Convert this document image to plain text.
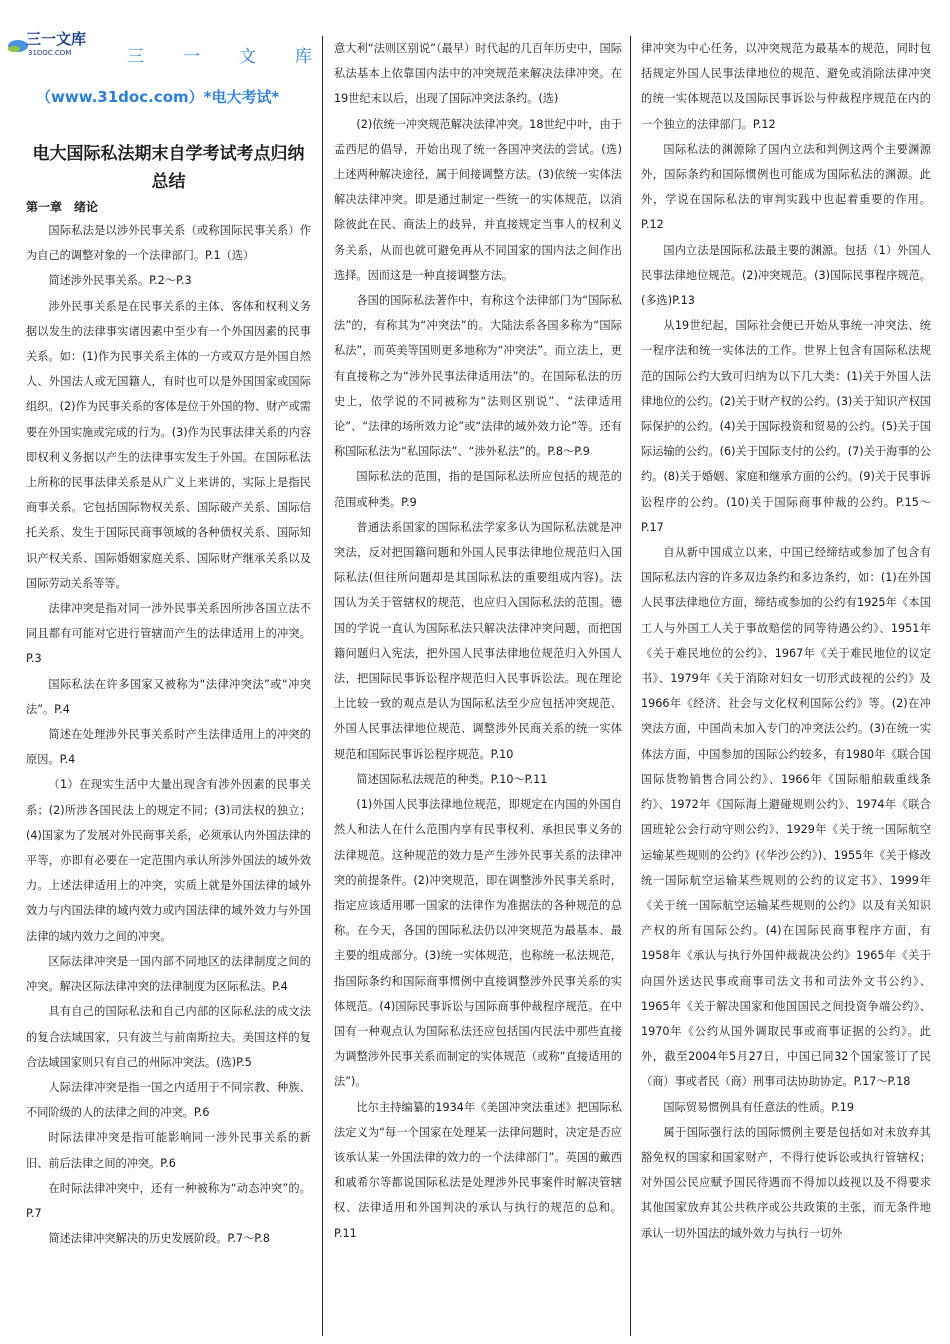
三一文库
31DOC.COM	三 一 文 库
（www.31doc.com）*电大考试*
电大国际私法期末自学考试考点归纳总结
第一章　绪论

国际私法是以涉外民事关系（或称国际民事关系）作为自己的调整对象的一个法律部门。P.1（选）

简述涉外民事关系。P.2～P.3

涉外民事关系是在民事关系的主体、客体和权利义务据以发生的法律事实诸因素中至少有一个外国因素的民事关系。如：(1)作为民事关系主体的一方或双方是外国自然人、外国法人或无国籍人，有时也可以是外国国家或国际组织。(2)作为民事关系的客体是位于外国的物、财产或需要在外国实施或完成的行为。(3)作为民事法律关系的内容即权利义务据以产生的法律事实发生于外国。在国际私法上所称的民事法律关系是从广义上来讲的，实际上是指民商事关系。它包括国际物权关系、国际破产关系、国际信托关系、发生于国际民商事领域的各种债权关系、国际知识产权关系、国际婚姻家庭关系、国际财产继承关系以及国际劳动关系等等。

法律冲突是指对同一涉外民事关系因所涉各国立法不同且都有可能对它进行管辖而产生的法律适用上的冲突。P.3

国际私法在许多国家又被称为“法律冲突法”或“冲突法”。P.4

简述在处理涉外民事关系时产生法律适用上的冲突的原因。P.4

（1）在现实生活中大量出现含有涉外因素的民事关系；(2)所涉各国民法上的规定不同；(3)司法权的独立；(4)国家为了发展对外民商事关系，必须承认内外国法律的平等，亦即有必要在一定范围内承认所涉外国法的域外效力。上述法律适用上的冲突，实质上就是外国法律的域外效力与内国法律的域内效力或内国法律的域外效力与外国法律的域内效力之间的冲突。

区际法律冲突是一国内部不同地区的法律制度之间的冲突。解决区际法律冲突的法律制度为区际私法。P.4

具有自己的国际私法和自己内部的区际私法的成文法的复合法域国家，只有波兰与前南斯拉夫。美国这样的复合法域国家则只有自己的州际冲突法。(选)P.5

人际法律冲突是指一国之内适用于不同宗教、种族、不同阶级的人的法律之间的冲突。P.6

时际法律冲突是指可能影响同一涉外民事关系的新旧、前后法律之间的冲突。P.6

在时际法律冲突中，还有一种被称为“动态冲突”的。P.7

简述法律冲突解决的历史发展阶段。P.7～P.8

意大利“法则区别说”（最早）时代起的几百年历史中，国际私法基本上依靠国内法中的冲突规范来解决法律冲突。在19世纪末以后，出现了国际冲突法条约。(选)

(2)依统一冲突规范解决法律冲突。18世纪中叶，由于孟西尼的倡导，开始出现了统一各国冲突法的尝试。(选)上述两种解决途径，属于间接调整方法。(3)依统一实体法解决法律冲突。即是通过制定一些统一的实体规范，以消除彼此在民、商法上的歧异，并直接规定当事人的权利义务关系，从而也就可避免再从不同国家的国内法之间作出选择。因而这是一种直接调整方法。

各国的国际私法著作中，有称这个法律部门为“国际私法”的，有称其为“冲突法”的。大陆法系各国多称为“国际私法”，而英美等国则更多地称为“冲突法”。而立法上，更有直接称之为“涉外民事法律适用法”的。在国际私法的历史上，依学说的不同被称为“法则区别说”、“法律适用论”、“法律的场所效力论”或“法律的域外效力论”等。还有称国际私法为“私国际法”、“涉外私法”的。P.8～P.9

国际私法的范围，指的是国际私法所应包括的规范的范围或种类。P.9

普通法系国家的国际私法学家多认为国际私法就是冲突法，反对把国籍问题和外国人民事法律地位规范归入国际私法(但往所问题却是其国际私法的重要组成内容)。法国认为关于管辖权的规范，也应归入国际私法的范围。德国的学说一直认为国际私法只解决法律冲突问题，而把国籍问题归入宪法，把外国人民事法律地位规范归入外国人法，把国际民事诉讼程序规范归入民事诉讼法。现在理论上比较一致的观点是认为国际私法至少应包括冲突规范、外国人民事法律地位规范、调整涉外民商关系的统一实体规范和国际民事诉讼程序规范。P.10

简述国际私法规范的种类。P.10～P.11

(1)外国人民事法律地位规范，即规定在内国的外国自然人和法人在什么范围内享有民事权利、承担民事义务的法律规范。这种规范的效力是产生涉外民事关系的法律冲突的前提条件。(2)冲突规范，即在调整涉外民事关系时，指定应该适用哪一国家的法律作为准据法的各种规范的总称。在今天，各国的国际私法仍以冲突规范为最基本、最主要的组成部分。(3)统一实体规范，也称统一私法规范，指国际条约和国际商事惯例中直接调整涉外民事关系的实体规范。(4)国际民事诉讼与国际商事仲裁程序规范。在中国有一种观点认为国际私法还应包括国内民法中那些直接为调整涉外民事关系而制定的实体规范（或称“直接适用的法”)。

比尔主持编纂的1934年《美国冲突法重述》把国际私法定义为“每一个国家在处理某一法律问题时，决定是否应该承认某一外国法律的效力的一个法律部门”。英国的戴西和戚希尔等都说国际私法是处理涉外民事案件时解决管辖权、法律适用和外国判决的承认与执行的规范的总和。P.11

律冲突为中心任务，以冲突规范为最基本的规范，同时包括规定外国人民事法律地位的规范、避免或消除法律冲突的统一实体规范以及国际民事诉讼与仲裁程序规范在内的一个独立的法律部门。P.12

国际私法的渊源除了国内立法和判例这两个主要渊源外，国际条约和国际惯例也可能成为国际私法的渊源。此外，学说在国际私法的审判实践中也起着重要的作用。P.12

国内立法是国际私法最主要的渊源。包括（1）外国人民事法律地位规范。(2)冲突规范。(3)国际民事程序规范。(多选)P.13

从19世纪起，国际社会便已开始从事统一冲突法、统一程序法和统一实体法的工作。世界上包含有国际私法规范的国际公约大致可归纳为以下几大类：(1)关于外国人法律地位的公约。(2)关于财产权的公约。(3)关于知识产权国际保护的公约。(4)关于国际投资和贸易的公约。(5)关于国际运输的公约。(6)关于国际支付的公约。(7)关于海事的公约。(8)关于婚姻、家庭和继承方面的公约。(9)关于民事诉讼程序的公约。(10)关于国际商事仲裁的公约。P.15～P.17

自从新中国成立以来，中国已经缔结或参加了包含有国际私法内容的许多双边条约和多边条约，如：(1)在外国人民事法律地位方面，缔结或参加的公约有1925年《本国工人与外国工人关于事故赔偿的同等待遇公约》、1951年《关于难民地位的公约》、1967年《关于难民地位的议定书》、1979年《关于消除对妇女一切形式歧视的公约》及1966年《经济、社会与文化权利国际公约》等。(2)在冲突法方面，中国尚未加入专门的冲突法公约。(3)在统一实体法方面，中国参加的国际公约较多，有1980年《联合国国际货物销售合同公约》、1966年《国际船舶载重线条约》、1972年《国际海上避碰规则公约》、1974年《联合国班轮公会行动守则公约》、1929年《关于统一国际航空运输某些规则的公约》(《华沙公约》)、1955年《关于修改统一国际航空运输某些规则的公约的议定书》、1999年《关于统一国际航空运输某些规则的公约》以及有关知识产权的所有国际公约。(4)在国际民商事程序方面，有1958年《承认与执行外国仲裁裁决公约》1965年《关于向国外送达民事或商事司法文书和司法外文书公约》、1965年《关于解决国家和他国国民之间投资争端公约》、1970年《公约从国外调取民事或商事证据的公约》。此外，截至2004年5月27日，中国已同32个国家签订了民（商）事或者民（商）刑事司法协助协定。P.17～P.18

国际贸易惯例具有任意法的性质。P.19

属于国际强行法的国际惯例主要是包括如对未放弃其豁免权的国家和国家财产，不得行使诉讼或执行管辖权；对外国公民应赋予国民待遇而不得加以歧视以及不得要求其他国家放弃其公共秩序或公共政策的主张，而无条件地承认一切外国法的域外效力与执行一切外
